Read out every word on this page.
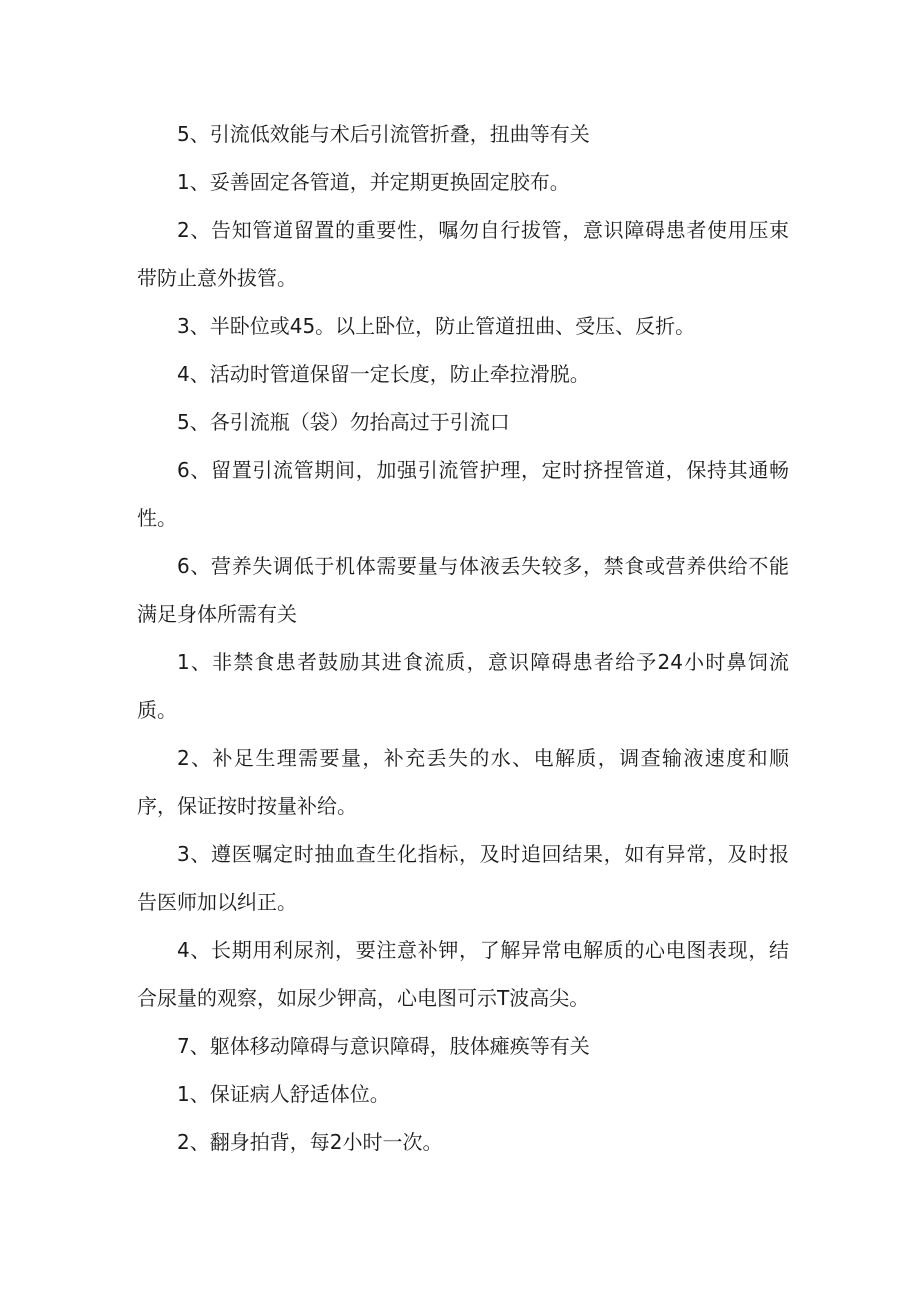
5、引流低效能与术后引流管折叠，扭曲等有关

1、妥善固定各管道，并定期更换固定胶布。

2、告知管道留置的重要性，嘱勿自行拔管，意识障碍患者使用压束带防止意外拔管。

3、半卧位或45。以上卧位，防止管道扭曲、受压、反折。

4、活动时管道保留一定长度，防止牵拉滑脱。

5、各引流瓶（袋）勿抬高过于引流口

6、留置引流管期间，加强引流管护理，定时挤捏管道，保持其通畅性。

6、营养失调低于机体需要量与体液丢失较多，禁食或营养供给不能满足身体所需有关

1、非禁食患者鼓励其进食流质，意识障碍患者给予24小时鼻饲流质。

2、补足生理需要量，补充丢失的水、电解质，调查输液速度和顺序，保证按时按量补给。

3、遵医嘱定时抽血查生化指标，及时追回结果，如有异常，及时报告医师加以纠正。

4、长期用利尿剂，要注意补钾，了解异常电解质的心电图表现，结合尿量的观察，如尿少钾高，心电图可示T波高尖。

7、躯体移动障碍与意识障碍，肢体瘫痪等有关

1、保证病人舒适体位。

2、翻身拍背，每2小时一次。
